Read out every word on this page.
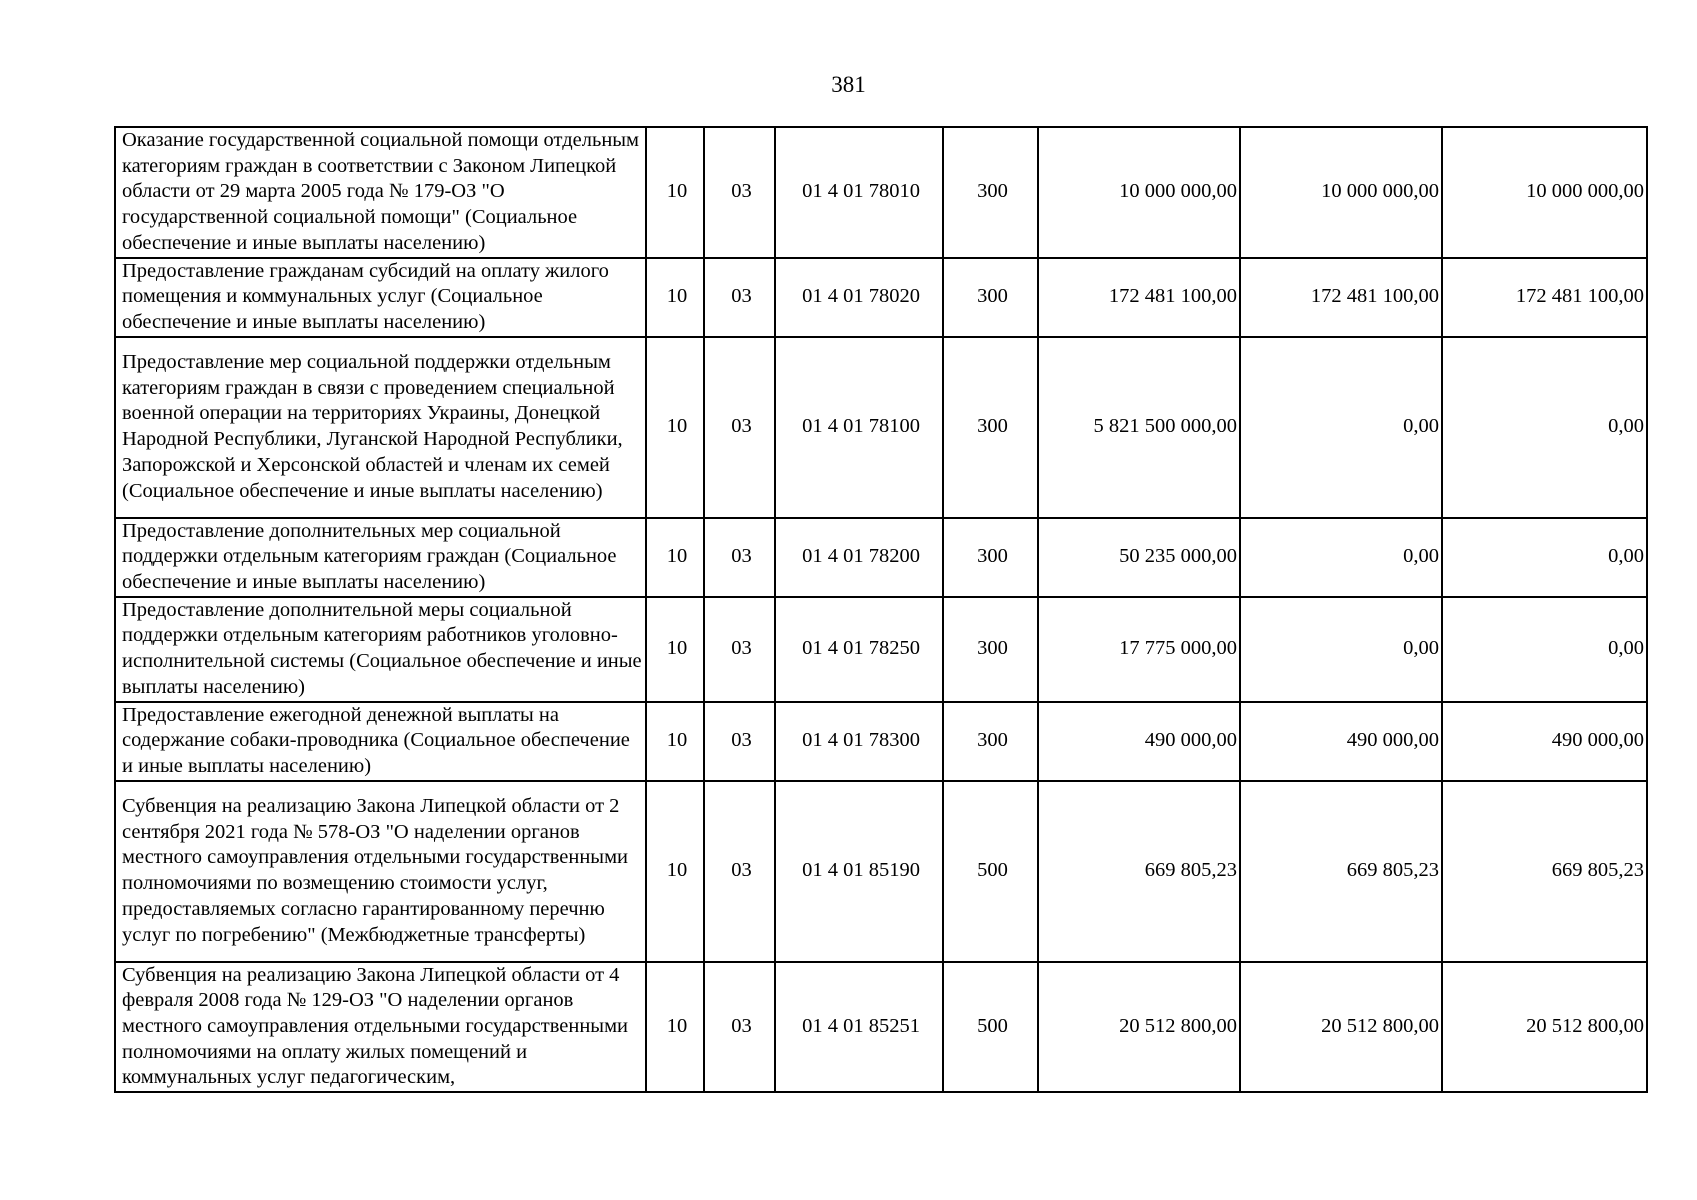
381
Оказание государственной социальной помощи отдельным категориям граждан в соответствии с Законом Липецкой области от 29 марта 2005 года № 179-ОЗ "О государственной социальной помощи" (Социальное обеспечение и иные выплаты населению)	10	03	01 4 01 78010	300	10 000 000,00	10 000 000,00	10 000 000,00
Предоставление гражданам субсидий на оплату жилого помещения и коммунальных услуг (Социальное обеспечение и иные выплаты населению)	10	03	01 4 01 78020	300	172 481 100,00	172 481 100,00	172 481 100,00
Предоставление мер социальной поддержки отдельным категориям граждан в связи с проведением специальной военной операции на территориях Украины, Донецкой Народной Республики, Луганской Народной Республики, Запорожской и Херсонской областей и членам их семей (Социальное обеспечение и иные выплаты населению)	10	03	01 4 01 78100	300	5 821 500 000,00	0,00	0,00
Предоставление дополнительных мер социальной поддержки отдельным категориям граждан (Социальное обеспечение и иные выплаты населению)	10	03	01 4 01 78200	300	50 235 000,00	0,00	0,00
Предоставление дополнительной меры социальной поддержки отдельным категориям работников уголовно-исполнительной системы (Социальное обеспечение и иные выплаты населению)	10	03	01 4 01 78250	300	17 775 000,00	0,00	0,00
Предоставление ежегодной денежной выплаты на содержание собаки-проводника (Социальное обеспечение и иные выплаты населению)	10	03	01 4 01 78300	300	490 000,00	490 000,00	490 000,00
Субвенция на реализацию Закона Липецкой области от 2 сентября 2021 года № 578-ОЗ "О наделении органов местного самоуправления отдельными государственными полномочиями по возмещению стоимости услуг, предоставляемых согласно гарантированному перечню услуг по погребению" (Межбюджетные трансферты)	10	03	01 4 01 85190	500	669 805,23	669 805,23	669 805,23
Субвенция на реализацию Закона Липецкой области от 4 февраля 2008 года № 129-ОЗ "О наделении органов местного самоуправления отдельными государственными полномочиями на оплату жилых помещений и коммунальных услуг педагогическим,	10	03	01 4 01 85251	500	20 512 800,00	20 512 800,00	20 512 800,00
